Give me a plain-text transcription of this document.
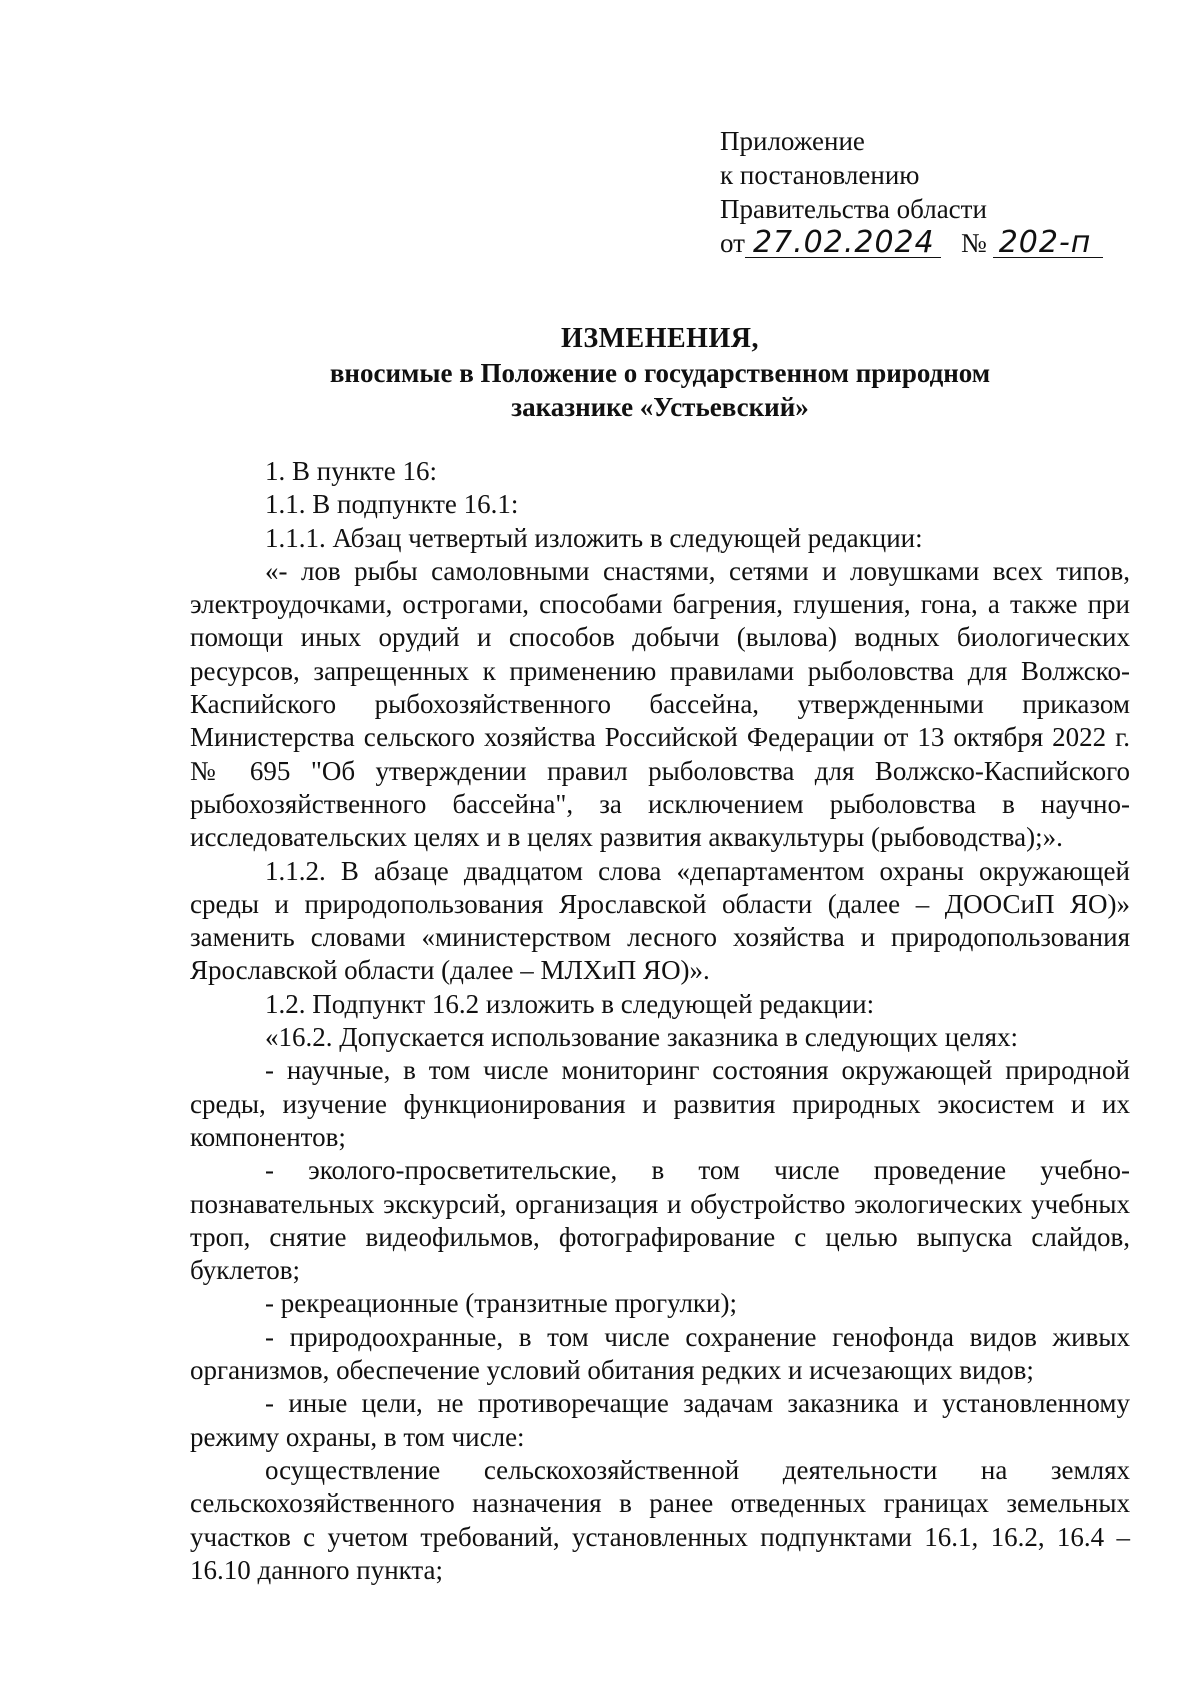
Приложение
к постановлению
Правительства области
от 27.02.2024 № 202-п
ИЗМЕНЕНИЯ,
вносимые в Положение о государственном природном
заказнике «Устьевский»

1. В пункте 16:

1.1. В подпункте 16.1:

1.1.1. Абзац четвертый изложить в следующей редакции:

«- лов рыбы самоловными снастями, сетями и ловушками всех типов, электроудочками, острогами, способами багрения, глушения, гона, а также при помощи иных орудий и способов добычи (вылова) водных биологических ресурсов, запрещенных к применению правилами рыболовства для Волжско-Каспийского рыбохозяйственного бассейна, утвержденными приказом Министерства сельского хозяйства Российской Федерации от 13 октября 2022 г. № 695 "Об утверждении правил рыболовства для Волжско-Каспийского рыбохозяйственного бассейна", за исключением рыболовства в научно-исследовательских целях и в целях развития аквакультуры (рыбоводства);».

1.1.2. В абзаце двадцатом слова «департаментом охраны окружающей среды и природопользования Ярославской области (далее – ДООСиП ЯО)» заменить словами «министерством лесного хозяйства и природопользования Ярославской области (далее – МЛХиП ЯО)».

1.2. Подпункт 16.2 изложить в следующей редакции:

«16.2. Допускается использование заказника в следующих целях:

- научные, в том числе мониторинг состояния окружающей природной среды, изучение функционирования и развития природных экосистем и их компонентов;

- эколого-просветительские, в том числе проведение учебно-познавательных экскурсий, организация и обустройство экологических учебных троп, снятие видеофильмов, фотографирование с целью выпуска слайдов, буклетов;

- рекреационные (транзитные прогулки);

- природоохранные, в том числе сохранение генофонда видов живых организмов, обеспечение условий обитания редких и исчезающих видов;

- иные цели, не противоречащие задачам заказника и установленному режиму охраны, в том числе:

осуществление сельскохозяйственной деятельности на землях сельскохозяйственного назначения в ранее отведенных границах земельных участков с учетом требований, установленных подпунктами 16.1, 16.2, 16.4 – 16.10 данного пункта;
